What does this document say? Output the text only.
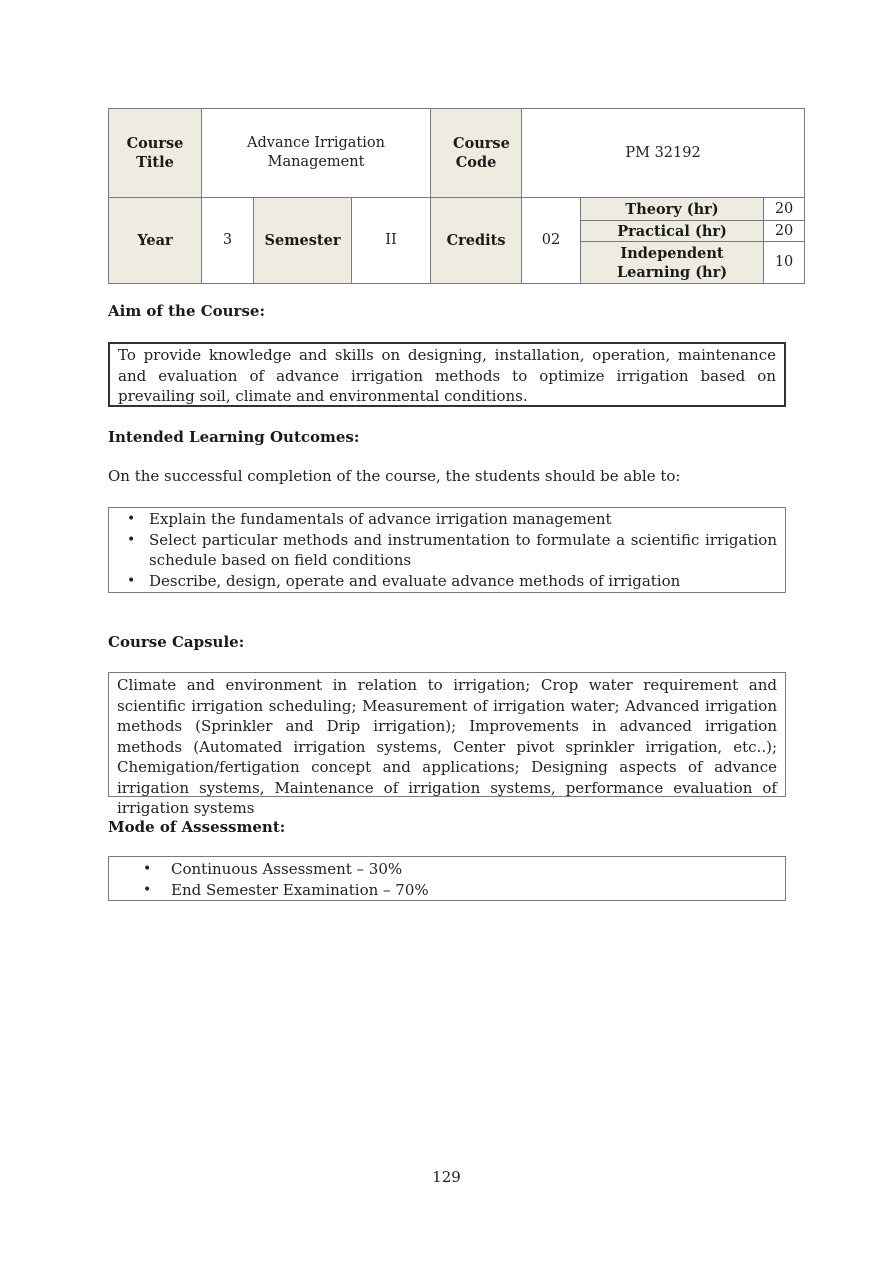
Course Title	Advance Irrigation Management			Course Code	PM 32192		
Year	3	Semester	II	Credits	02	Theory (hr)	20
						Practical (hr)	20
						Independent Learning (hr)	10
Aim of the Course:

To provide knowledge and skills on designing, installation, operation, maintenance and evaluation of advance irrigation methods to optimize irrigation based on prevailing soil, climate and environmental conditions.

Intended Learning Outcomes:
On the successful completion of the course, the students should be able to:
• Explain the fundamentals of advance irrigation management
• Select particular methods and instrumentation to formulate a scientific irrigation schedule based on field conditions
• Describe, design, operate and evaluate advance methods of irrigation
Course Capsule:

Climate and environment in relation to irrigation; Crop water requirement and scientific irrigation scheduling; Measurement of irrigation water; Advanced irrigation methods (Sprinkler and Drip irrigation); Improvements in advanced irrigation methods (Automated irrigation systems, Center pivot sprinkler irrigation, etc..); Chemigation/fertigation concept and applications; Designing aspects of advance irrigation systems, Maintenance of irrigation systems, performance evaluation of irrigation systems

Mode of Assessment:
• Continuous Assessment – 30%
• End Semester Examination – 70%
129
